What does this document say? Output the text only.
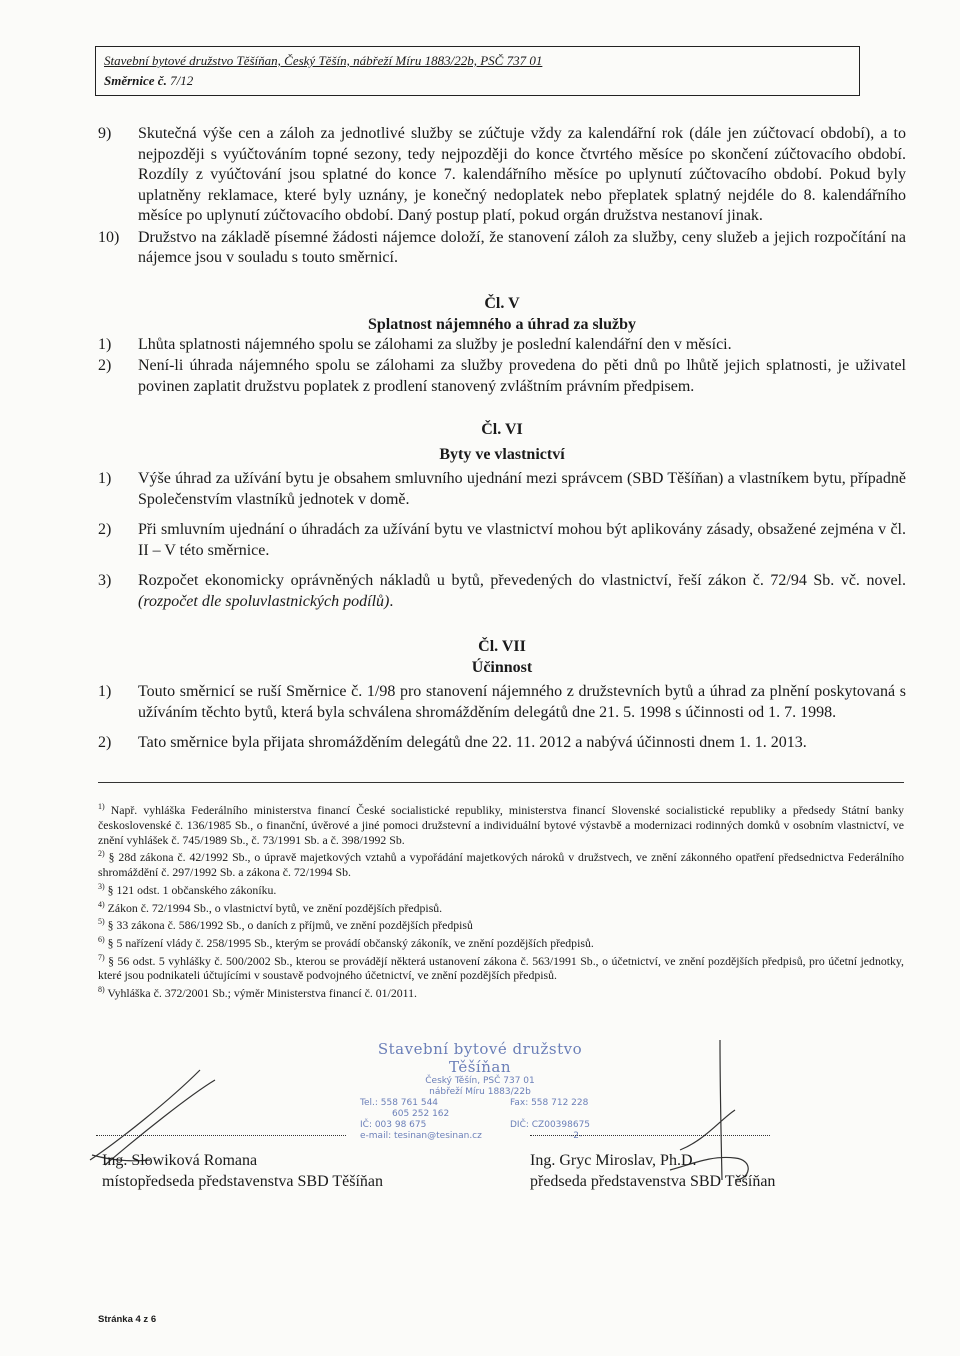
Stavební bytové družstvo Těšíňan, Český Těšín, nábřeží Míru 1883/22b, PSČ 737 01
Směrnice č. 7/12
9) Skutečná výše cen a záloh za jednotlivé služby se zúčtuje vždy za kalendářní rok (dále jen zúčtovací období), a to nejpozději s vyúčtováním topné sezony, tedy nejpozději do konce čtvrtého měsíce po skončení zúčtovacího období. Rozdíly z vyúčtování jsou splatné do konce 7. kalendářního měsíce po uplynutí zúčtovacího období. Pokud byly uplatněny reklamace, které byly uznány, je konečný nedoplatek nebo přeplatek splatný nejdéle do 8. kalendářního měsíce po uplynutí zúčtovacího období. Daný postup platí, pokud orgán družstva nestanoví jinak.
10) Družstvo na základě písemné žádosti nájemce doloží, že stanovení záloh za služby, ceny služeb a jejich rozpočítání na nájemce jsou v souladu s touto směrnicí.
Čl. V
Splatnost nájemného a úhrad za služby
1) Lhůta splatnosti nájemného spolu se zálohami za služby je poslední kalendářní den v měsíci.
2) Není-li úhrada nájemného spolu se zálohami za služby provedena do pěti dnů po lhůtě jejich splatnosti, je uživatel povinen zaplatit družstvu poplatek z prodlení stanovený zvláštním právním předpisem.
Čl. VI
Byty ve vlastnictví
1) Výše úhrad za užívání bytu je obsahem smluvního ujednání mezi správcem (SBD Těšíňan) a vlastníkem bytu, případně Společenstvím vlastníků jednotek v domě.
2) Při smluvním ujednání o úhradách za užívání bytu ve vlastnictví mohou být aplikovány zásady, obsažené zejména v čl. II – V této směrnice.
3) Rozpočet ekonomicky oprávněných nákladů u bytů, převedených do vlastnictví, řeší zákon č. 72/94 Sb. vč. novel. (rozpočet dle spoluvlastnických podílů).
Čl. VII
Účinnost
1) Touto směrnicí se ruší Směrnice č. 1/98 pro stanovení nájemného z družstevních bytů a úhrad za plnění poskytovaná s užíváním těchto bytů, která byla schválena shromážděním delegátů dne 21. 5. 1998 s účinnosti od 1. 7. 1998.
2) Tato směrnice byla přijata shromážděním delegátů dne 22. 11. 2012 a nabývá účinnosti dnem 1. 1. 2013.
$^{1)}$ Např. vyhláška Federálního ministerstva financí České socialistické republiky, ministerstva financí Slovenské socialistické republiky a předsedy Státní banky československé č. 136/1985 Sb., o finanční, úvěrové a jiné pomoci družstevní a individuální bytové výstavbě a modernizaci rodinných domků v osobním vlastnictví, ve znění vyhlášek č. 745/1989 Sb., č. 73/1991 Sb. a č. 398/1992 Sb.
$^{2)}$ § 28d zákona č. 42/1992 Sb., o úpravě majetkových vztahů a vypořádání majetkových nároků v družstvech, ve znění zákonného opatření předsednictva Federálního shromáždění č. 297/1992 Sb. a zákona č. 72/1994 Sb.
$^{3)}$ § 121 odst. 1 občanského zákoníku.
$^{4)}$ Zákon č. 72/1994 Sb., o vlastnictví bytů, ve znění pozdějších předpisů.
$^{5)}$ § 33 zákona č. 586/1992 Sb., o daních z příjmů, ve znění pozdějších předpisů
$^{6)}$ § 5 nařízení vlády č. 258/1995 Sb., kterým se provádí občanský zákoník, ve znění pozdějších předpisů.
$^{7)}$ § 56 odst. 5 vyhlášky č. 500/2002 Sb., kterou se provádějí některá ustanovení zákona č. 563/1991 Sb., o účetnictví, ve znění pozdějších předpisů, pro účetní jednotky, které jsou podnikateli účtujícími v soustavě podvojného účetnictví, ve znění pozdějších předpisů.
$^{8)}$ Vyhláška č. 372/2001 Sb.; výměr Ministerstva financí č. 01/2011.
Stavební bytové družstvo Těšíňan
Český Těšín, PSČ 737 01
nábřeží Míru 1883/22b
Tel.: 558 761 544	Fax: 558 712 228
605 252 162
IČ: 003 98 675	DIČ: CZ00398675
e-mail: tesinan@tesinan.cz	-2-
Ing. Slowiková Romana
místopředseda představenstva SBD Těšíňan
Ing. Gryc Miroslav, Ph.D.
předseda představenstva SBD Těšíňan
Stránka 4 z 6
